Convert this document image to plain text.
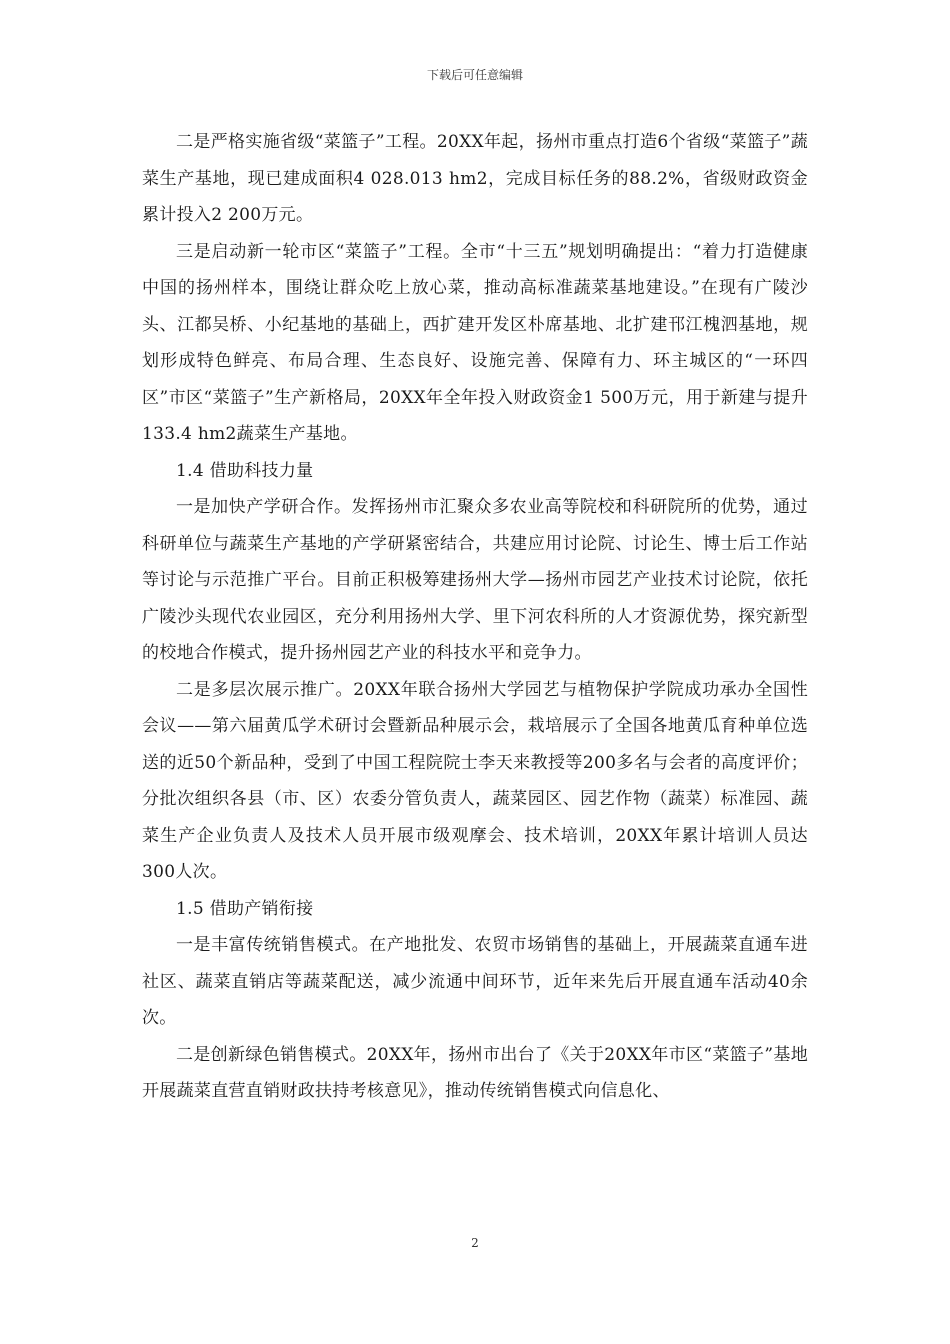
下载后可任意编辑

二是严格实施省级“菜篮子”工程。20XX年起，扬州市重点打造6个省级“菜篮子”蔬菜生产基地，现已建成面积4 028.013 hm2，完成目标任务的88.2%，省级财政资金累计投入2 200万元。

三是启动新一轮市区“菜篮子”工程。全市“十三五”规划明确提出：“着力打造健康中国的扬州样本，围绕让群众吃上放心菜，推动高标准蔬菜基地建设。”在现有广陵沙头、江都吴桥、小纪基地的基础上，西扩建开发区朴席基地、北扩建邗江槐泗基地，规划形成特色鲜亮、布局合理、生态良好、设施完善、保障有力、环主城区的“一环四区”市区“菜篮子”生产新格局，20XX年全年投入财政资金1 500万元，用于新建与提升133.4 hm2蔬菜生产基地。

1.4 借助科技力量

一是加快产学研合作。发挥扬州市汇聚众多农业高等院校和科研院所的优势，通过科研单位与蔬菜生产基地的产学研紧密结合，共建应用讨论院、讨论生、博士后工作站等讨论与示范推广平台。目前正积极筹建扬州大学—扬州市园艺产业技术讨论院，依托广陵沙头现代农业园区，充分利用扬州大学、里下河农科所的人才资源优势，探究新型的校地合作模式，提升扬州园艺产业的科技水平和竞争力。

二是多层次展示推广。20XX年联合扬州大学园艺与植物保护学院成功承办全国性会议——第六届黄瓜学术研讨会暨新品种展示会，栽培展示了全国各地黄瓜育种单位选送的近50个新品种，受到了中国工程院院士李天来教授等200多名与会者的高度评价；分批次组织各县（市、区）农委分管负责人，蔬菜园区、园艺作物（蔬菜）标准园、蔬菜生产企业负责人及技术人员开展市级观摩会、技术培训，20XX年累计培训人员达300人次。

1.5 借助产销衔接

一是丰富传统销售模式。在产地批发、农贸市场销售的基础上，开展蔬菜直通车进社区、蔬菜直销店等蔬菜配送，减少流通中间环节，近年来先后开展直通车活动40余次。

二是创新绿色销售模式。20XX年，扬州市出台了《关于20XX年市区“菜篮子”基地开展蔬菜直营直销财政扶持考核意见》，推动传统销售模式向信息化、

2
